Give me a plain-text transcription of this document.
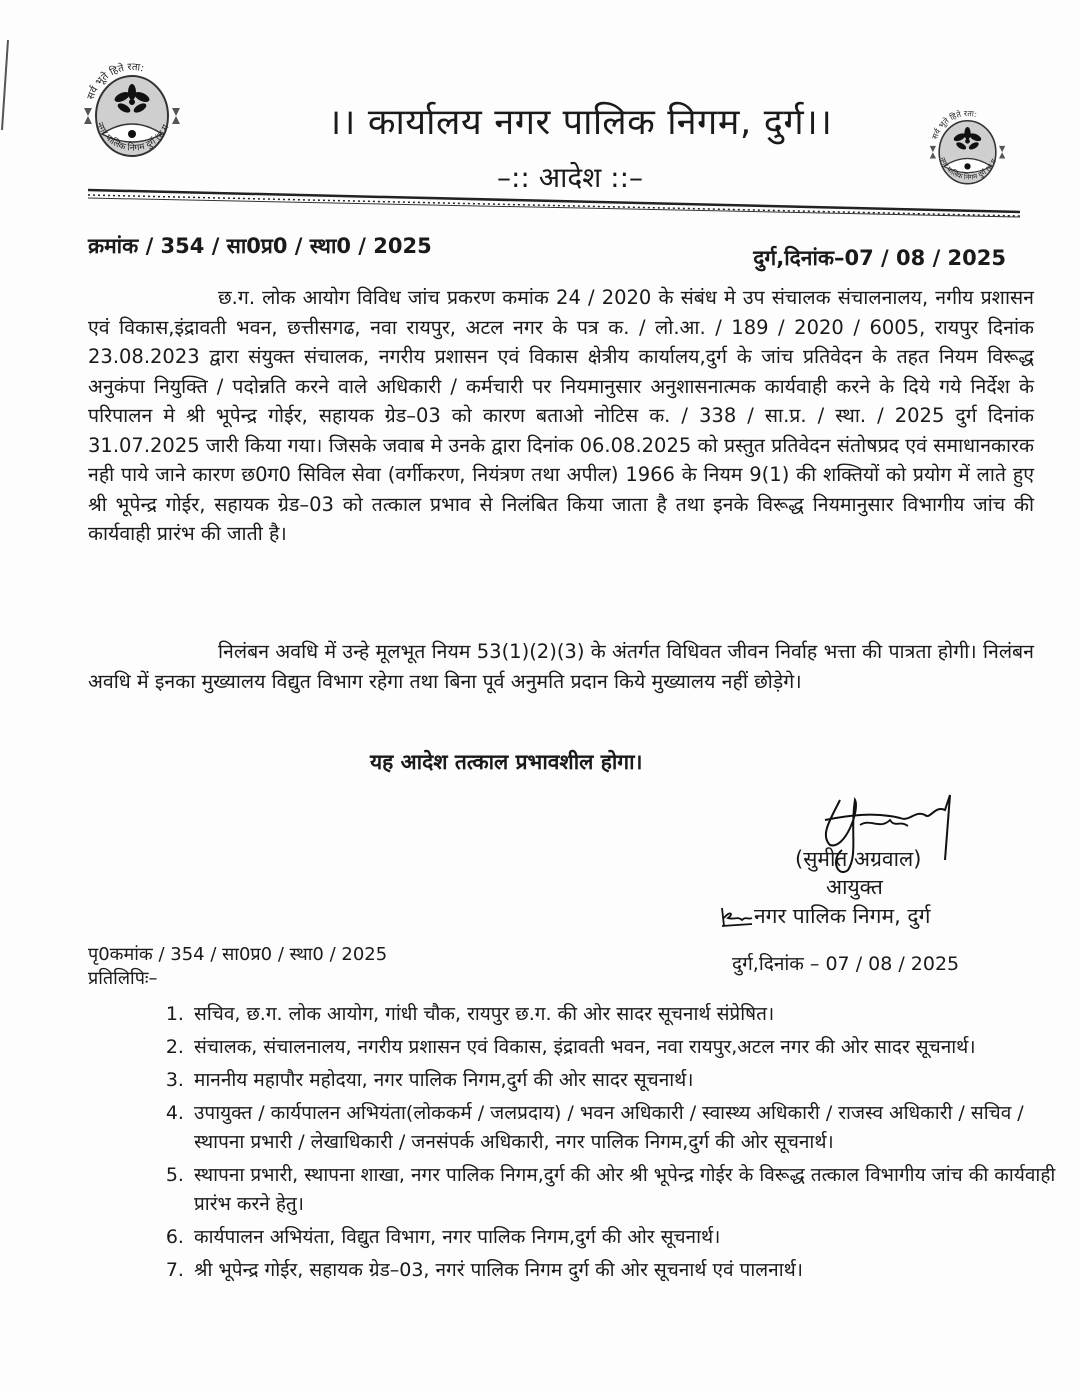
सर्व भूते हिते रता:
नगर पालिक निगम दुर्ग (छ.ग
सर्व भूते हिते रता:
नगर पालिक निगम दुर्ग (छ.ग
।। कार्यालय नगर पालिक निगम, दुर्ग।।
–:: आदेश ::–
क्रमांक / 354 / सा0प्र0 / स्था0 / 2025	दुर्ग,दिनांक–07 / 08 / 2025

छ.ग. लोक आयोग विविध जांच प्रकरण कमांक 24 / 2020 के संबंध मे उप संचालक संचालनालय, नगीय प्रशासन एवं विकास,इंद्रावती भवन, छत्तीसगढ, नवा रायपुर, अटल नगर के पत्र क. / लो.आ. / 189 / 2020 / 6005, रायपुर दिनांक 23.08.2023 द्वारा संयुक्त संचालक, नगरीय प्रशासन एवं विकास क्षेत्रीय कार्यालय,दुर्ग के जांच प्रतिवेदन के तहत नियम विरूद्ध अनुकंपा नियुक्ति / पदोन्नति करने वाले अधिकारी / कर्मचारी पर नियमानुसार अनुशासनात्मक कार्यवाही करने के दिये गये निर्देश के परिपालन मे श्री भूपेन्द्र गोईर, सहायक ग्रेड–03 को कारण बताओ नोटिस क. / 338 / सा.प्र. / स्था. / 2025 दुर्ग दिनांक 31.07.2025 जारी किया गया। जिसके जवाब मे उनके द्वारा दिनांक 06.08.2025 को प्रस्तुत प्रतिवेदन संतोषप्रद एवं समाधानकारक नही पाये जाने कारण छ0ग0 सिविल सेवा (वर्गीकरण, नियंत्रण तथा अपील) 1966 के नियम 9(1) की शक्तियों को प्रयोग में लाते हुए श्री भूपेन्द्र गोईर, सहायक ग्रेड–03 को तत्काल प्रभाव से निलंबित किया जाता है तथा इनके विरूद्ध नियमानुसार विभागीय जांच की कार्यवाही प्रारंभ की जाती है।

निलंबन अवधि में उन्हे मूलभूत नियम 53(1)(2)(3) के अंतर्गत विधिवत जीवन निर्वाह भत्ता की पात्रता होगी। निलंबन अवधि में इनका मुख्यालय विद्युत विभाग रहेगा तथा बिना पूर्व अनुमति प्रदान किये मुख्यालय नहीं छोड़ेगे।

यह आदेश तत्काल प्रभावशील होगा।
(सुमीत अग्रवाल)
आयुक्त
नगर पालिक निगम, दुर्ग
दुर्ग,दिनांक – 07 / 08 / 2025
पृ0कमांक / 354 / सा0प्र0 / स्था0 / 2025
प्रतिलिपिः–
1. सचिव, छ.ग. लोक आयोग, गांधी चौक, रायपुर छ.ग. की ओर सादर सूचनार्थ संप्रेषित।
2. संचालक, संचालनालय, नगरीय प्रशासन एवं विकास, इंद्रावती भवन, नवा रायपुर,अटल नगर की ओर सादर सूचनार्थ।
3. माननीय महापौर महोदया, नगर पालिक निगम,दुर्ग की ओर सादर सूचनार्थ।
4. उपायुक्त / कार्यपालन अभियंता(लोककर्म / जलप्रदाय) / भवन अधिकारी / स्वास्थ्य अधिकारी / राजस्व अधिकारी / सचिव / स्थापना प्रभारी / लेखाधिकारी / जनसंपर्क अधिकारी, नगर पालिक निगम,दुर्ग की ओर सूचनार्थ।
5. स्थापना प्रभारी, स्थापना शाखा, नगर पालिक निगम,दुर्ग की ओर श्री भूपेन्द्र गोईर के विरूद्ध तत्काल विभागीय जांच की कार्यवाही प्रारंभ करने हेतु।
6. कार्यपालन अभियंता, विद्युत विभाग, नगर पालिक निगम,दुर्ग की ओर सूचनार्थ।
7. श्री भूपेन्द्र गोईर, सहायक ग्रेड–03, नगरं पालिक निगम दुर्ग की ओर सूचनार्थ एवं पालनार्थ।
